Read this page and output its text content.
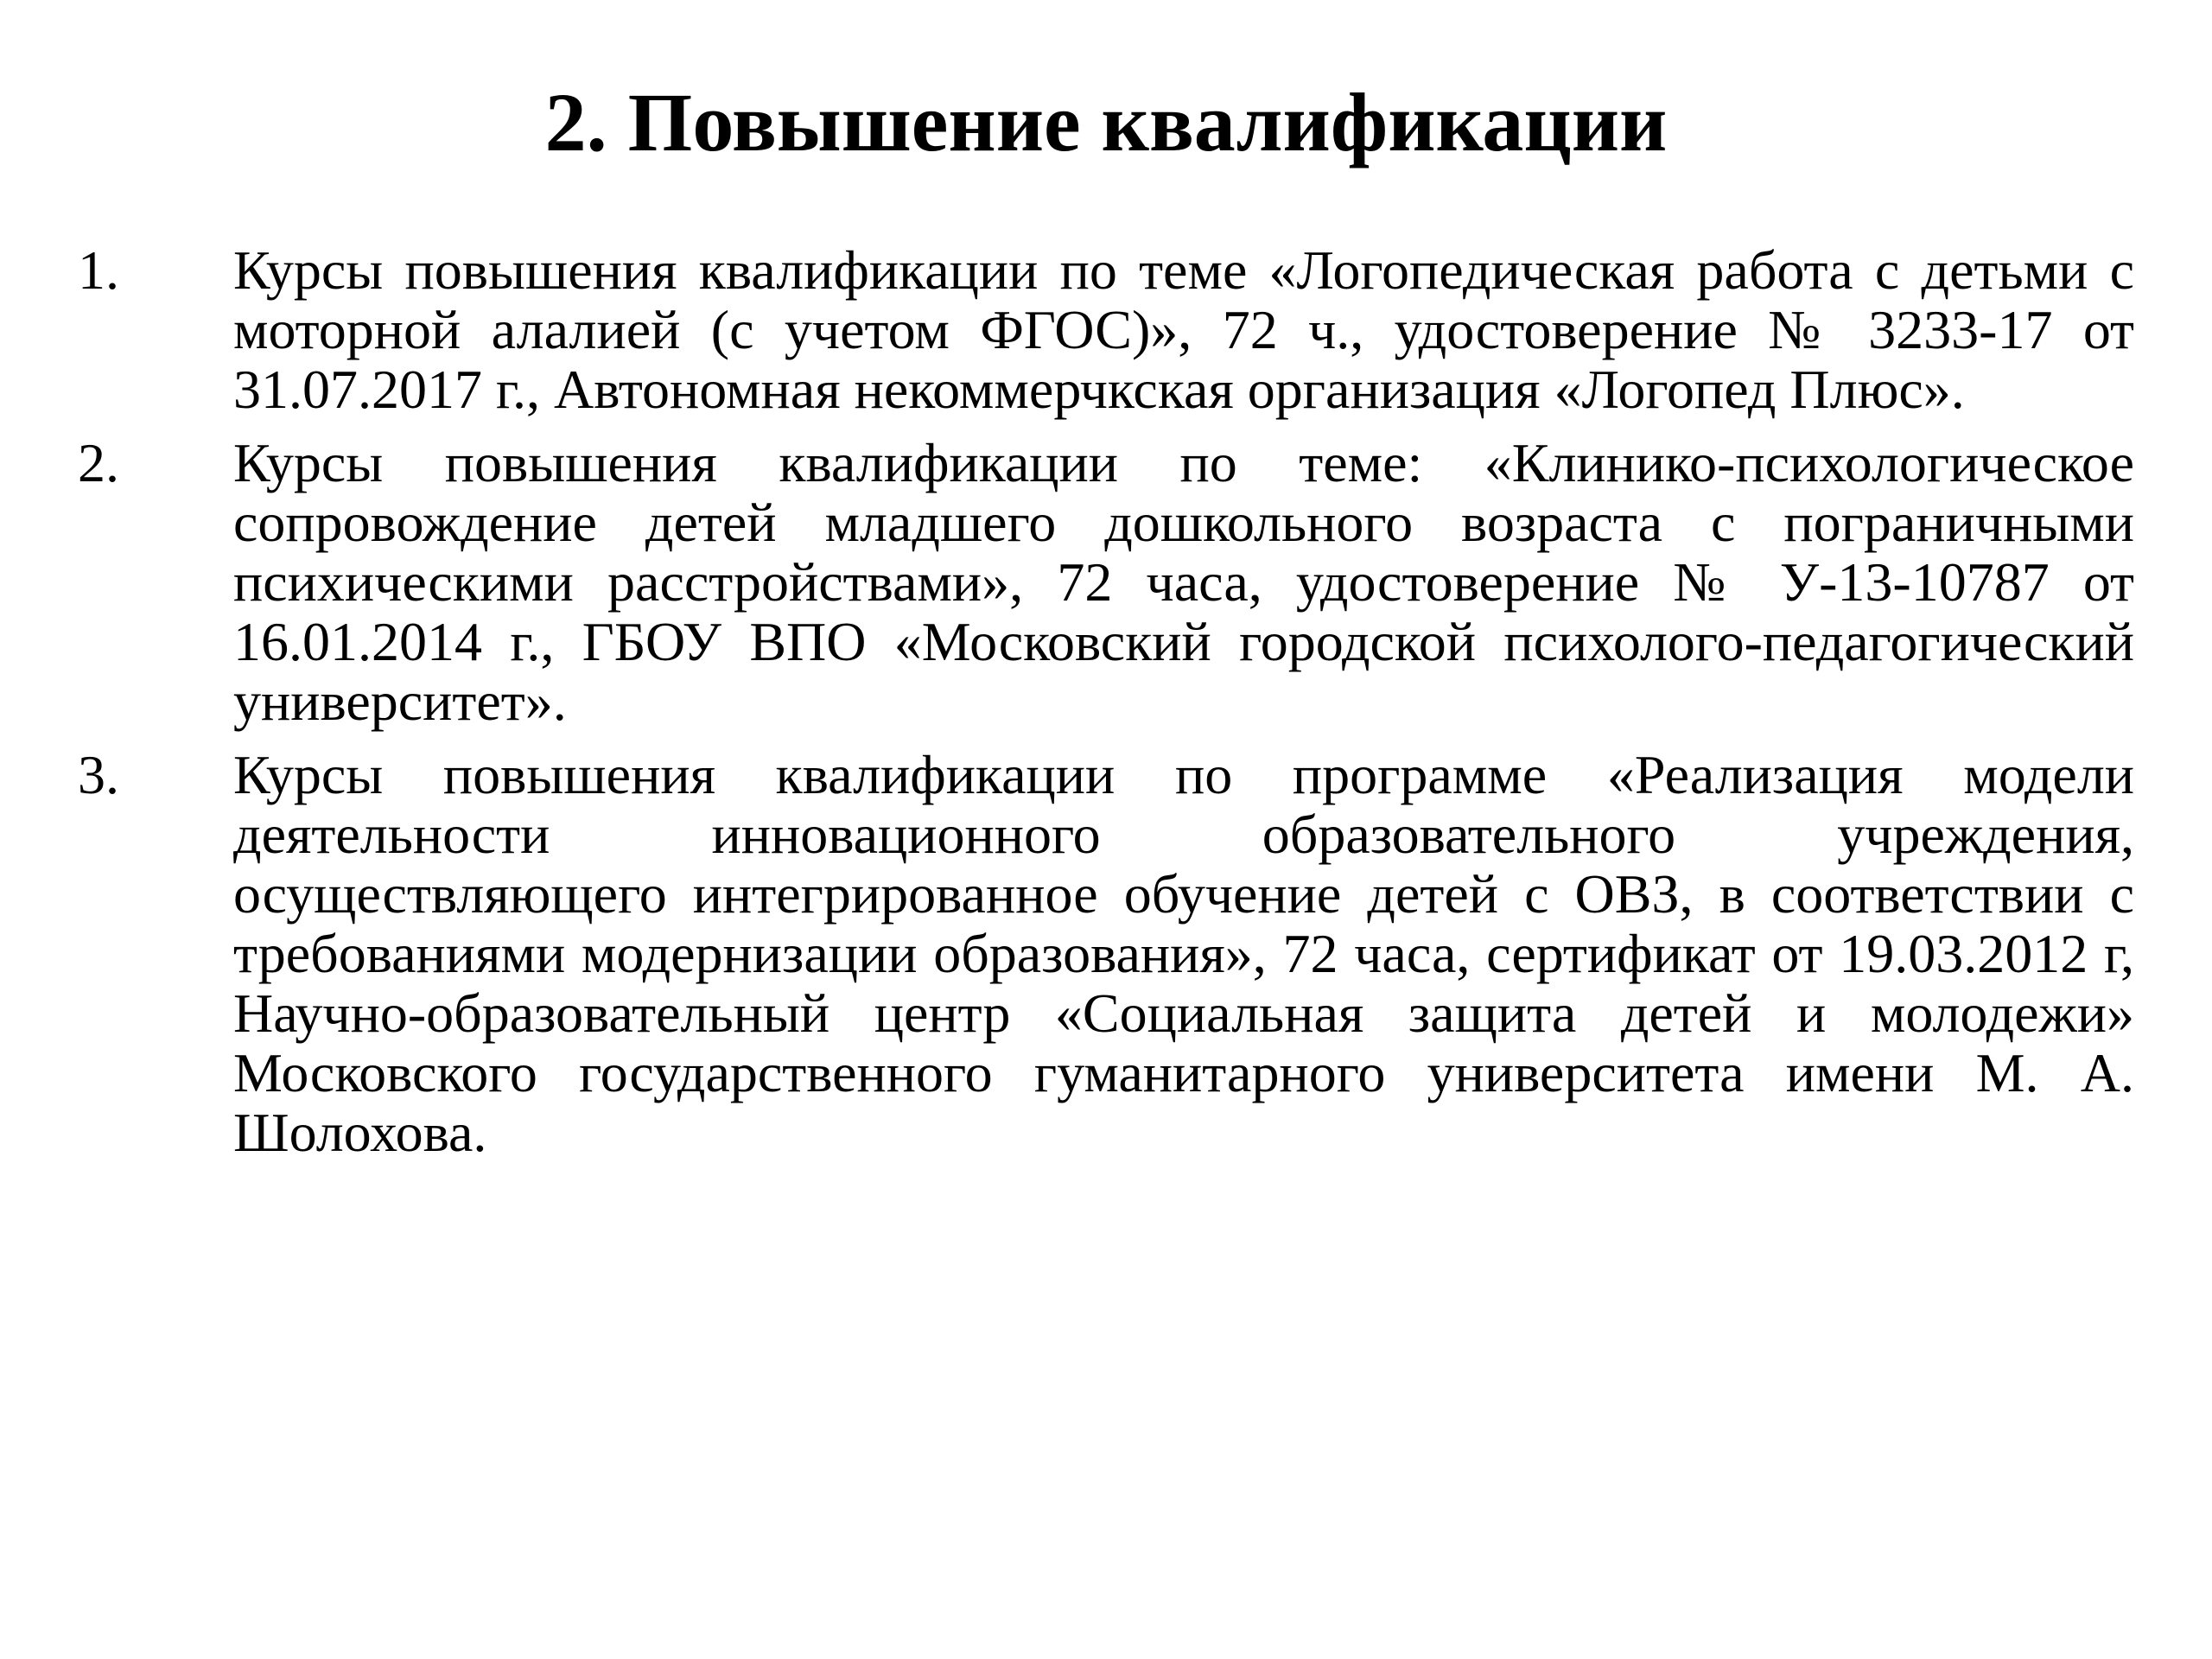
2. Повышение квалификации
1. Курсы повышения квалификации по теме «Логопедическая работа с детьми с моторной алалией (с учетом ФГОС)», 72 ч., удостоверение № 3233-17 от 31.07.2017 г., Автономная некоммерчкская организация «Логопед Плюс».
2. Курсы повышения квалификации по теме: «Клинико-психологическое сопровождение детей младшего дошкольного возраста с пограничными психическими расстройствами», 72 часа, удостоверение № У-13-10787 от 16.01.2014 г., ГБОУ ВПО «Московский городской психолого-педагогический университет».
3. Курсы повышения квалификации по программе «Реализация модели деятельности инновационного образовательного учреждения, осуществляющего интегрированное обучение детей с ОВЗ, в соответствии с требованиями модернизации образования», 72 часа, сертификат от 19.03.2012 г, Научно-образовательный центр «Социальная защита детей и молодежи» Московского государственного гуманитарного университета имени М. А. Шолохова.
